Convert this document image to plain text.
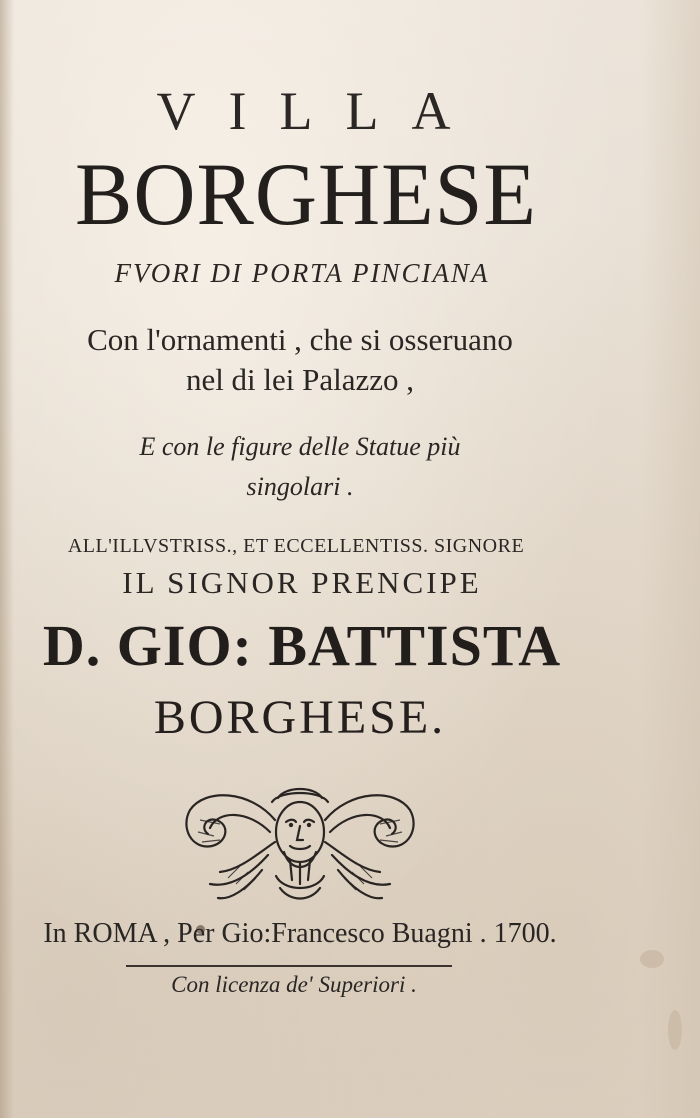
VILLA
BORGHESE

FVORI DI PORTA PINCIANA

Con l'ornamenti , che si osseruano

nel di lei Palazzo ,

E con le figure delle Statue più

singolari .

ALL'ILLVSTRISS., ET ECCELLENTISS. SIGNORE

IL SIGNOR PRENCIPE

D. GIO: BATTISTA

BORGHESE.

In ROMA , Per Gio:Francesco Buagni . 1700.

Con licenza de' Superiori .
